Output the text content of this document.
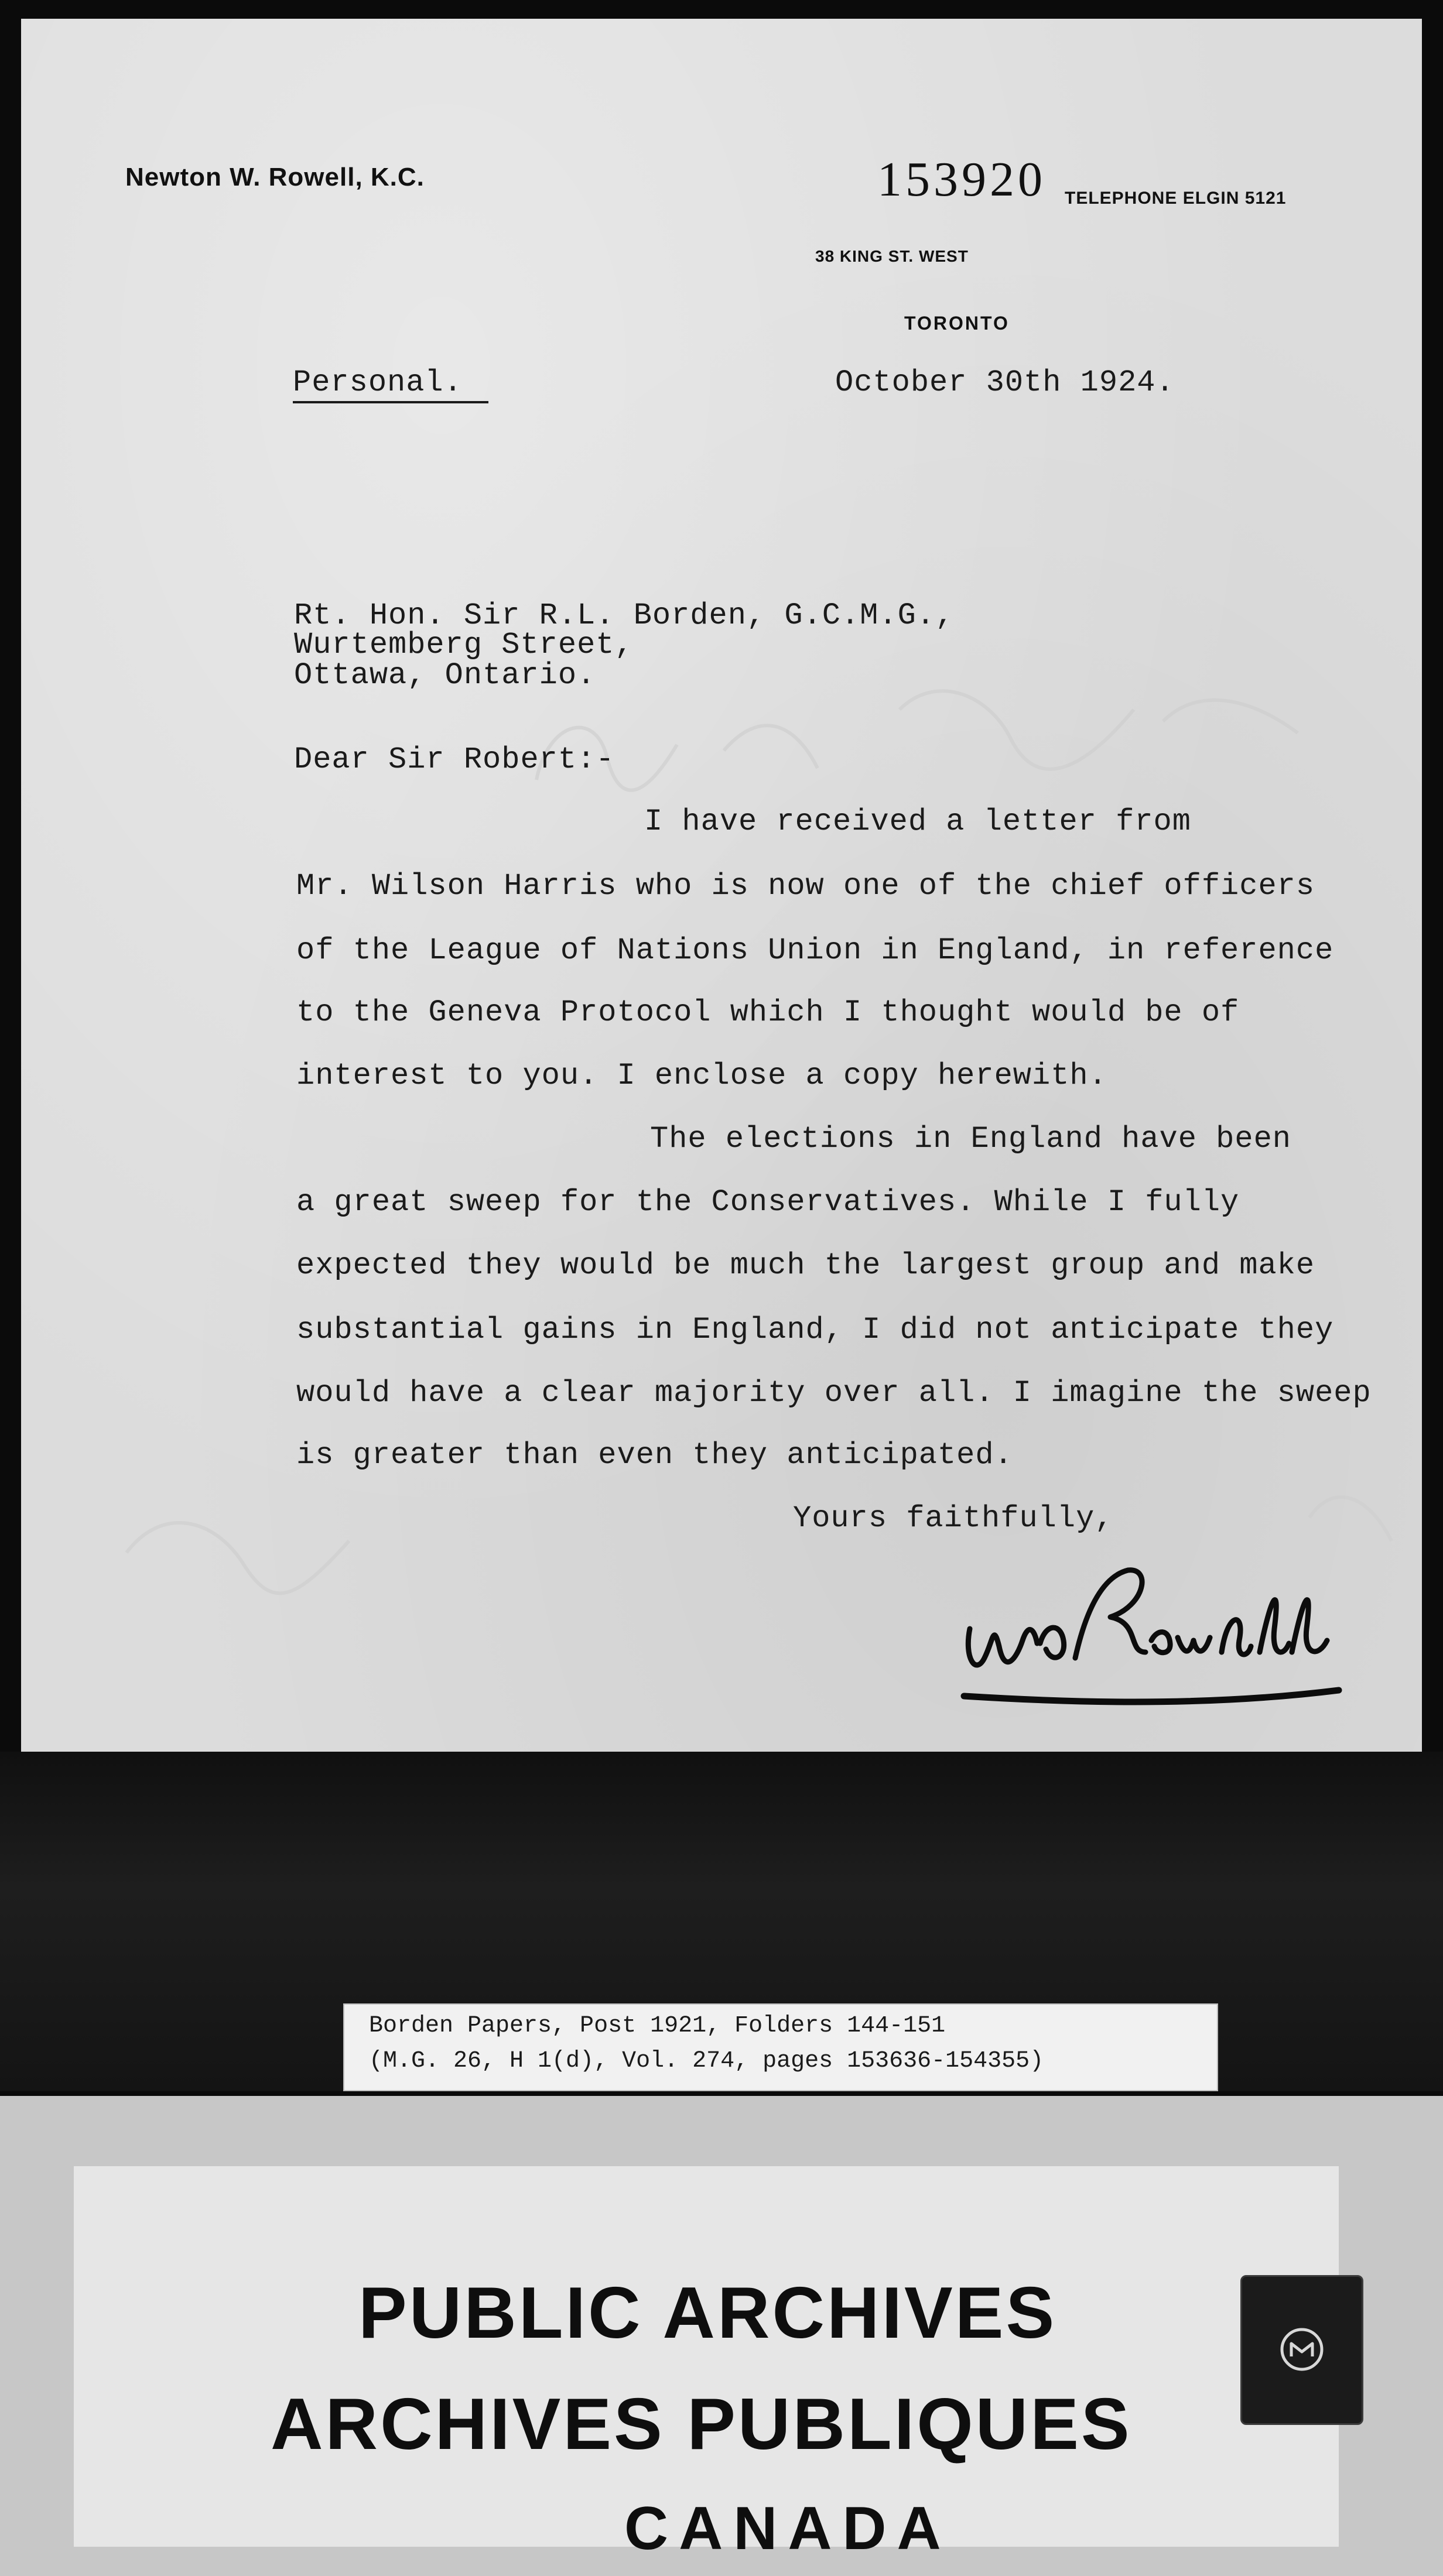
Newton W. Rowell, K.C.	153920 TELEPHONE ELGIN 5121
38 KING ST. WEST
TORONTO
Personal.	October 30th 1924.
Rt. Hon. Sir R.L. Borden, G.C.M.G.,
Wurtemberg Street,
Ottawa, Ontario.
Dear Sir Robert:-
I have received a letter from
Mr. Wilson Harris who is now one of the chief officers
of the League of Nations Union in England, in reference
to the Geneva Protocol which I thought would be of
interest to you. I enclose a copy herewith.
The elections in England have been
a great sweep for the Conservatives. While I fully
expected they would be much the largest group and make
substantial gains in England, I did not anticipate they
would have a clear majority over all. I imagine the sweep
is greater than even they anticipated.
Yours faithfully,
Borden Papers, Post 1921, Folders 144-151
(M.G. 26, H 1(d), Vol. 274, pages 153636-154355)
PUBLIC ARCHIVES
ARCHIVES PUBLIQUES
CANADA
